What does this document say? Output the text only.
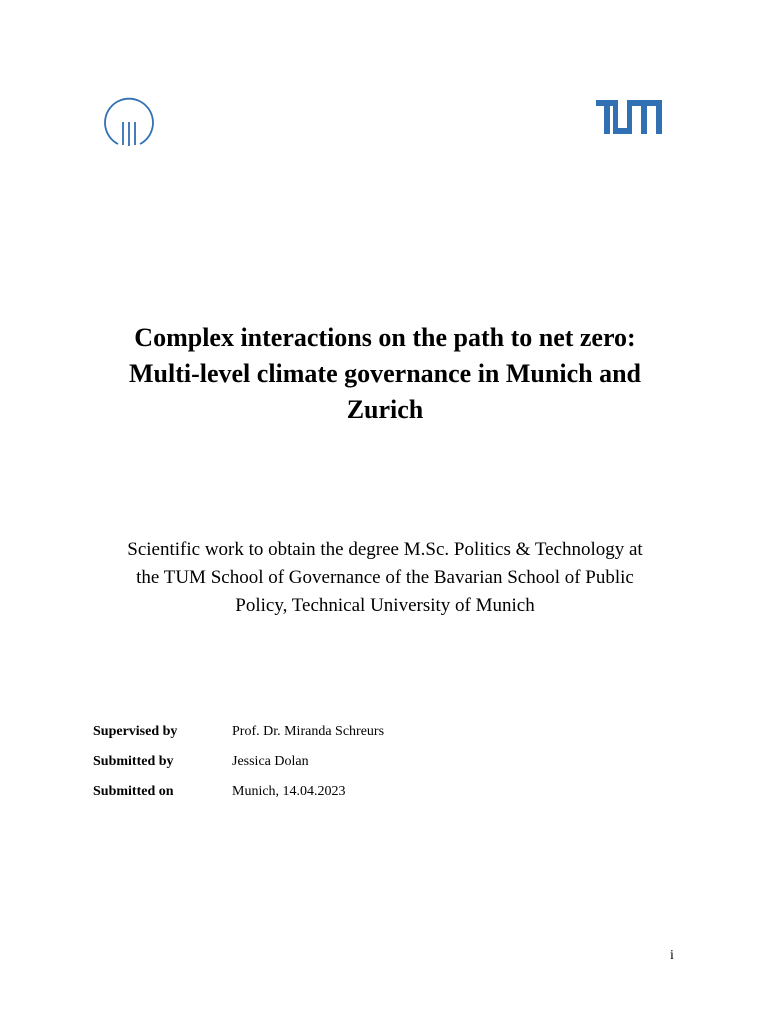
Complex interactions on the path to net zero:
Multi-level climate governance in Munich and
Zurich
Scientific work to obtain the degree M.Sc. Politics & Technology at
the TUM School of Governance of the Bavarian School of Public
Policy, Technical University of Munich
Supervised by	Prof. Dr. Miranda Schreurs
Submitted by	Jessica Dolan
Submitted on	Munich, 14.04.2023
i
